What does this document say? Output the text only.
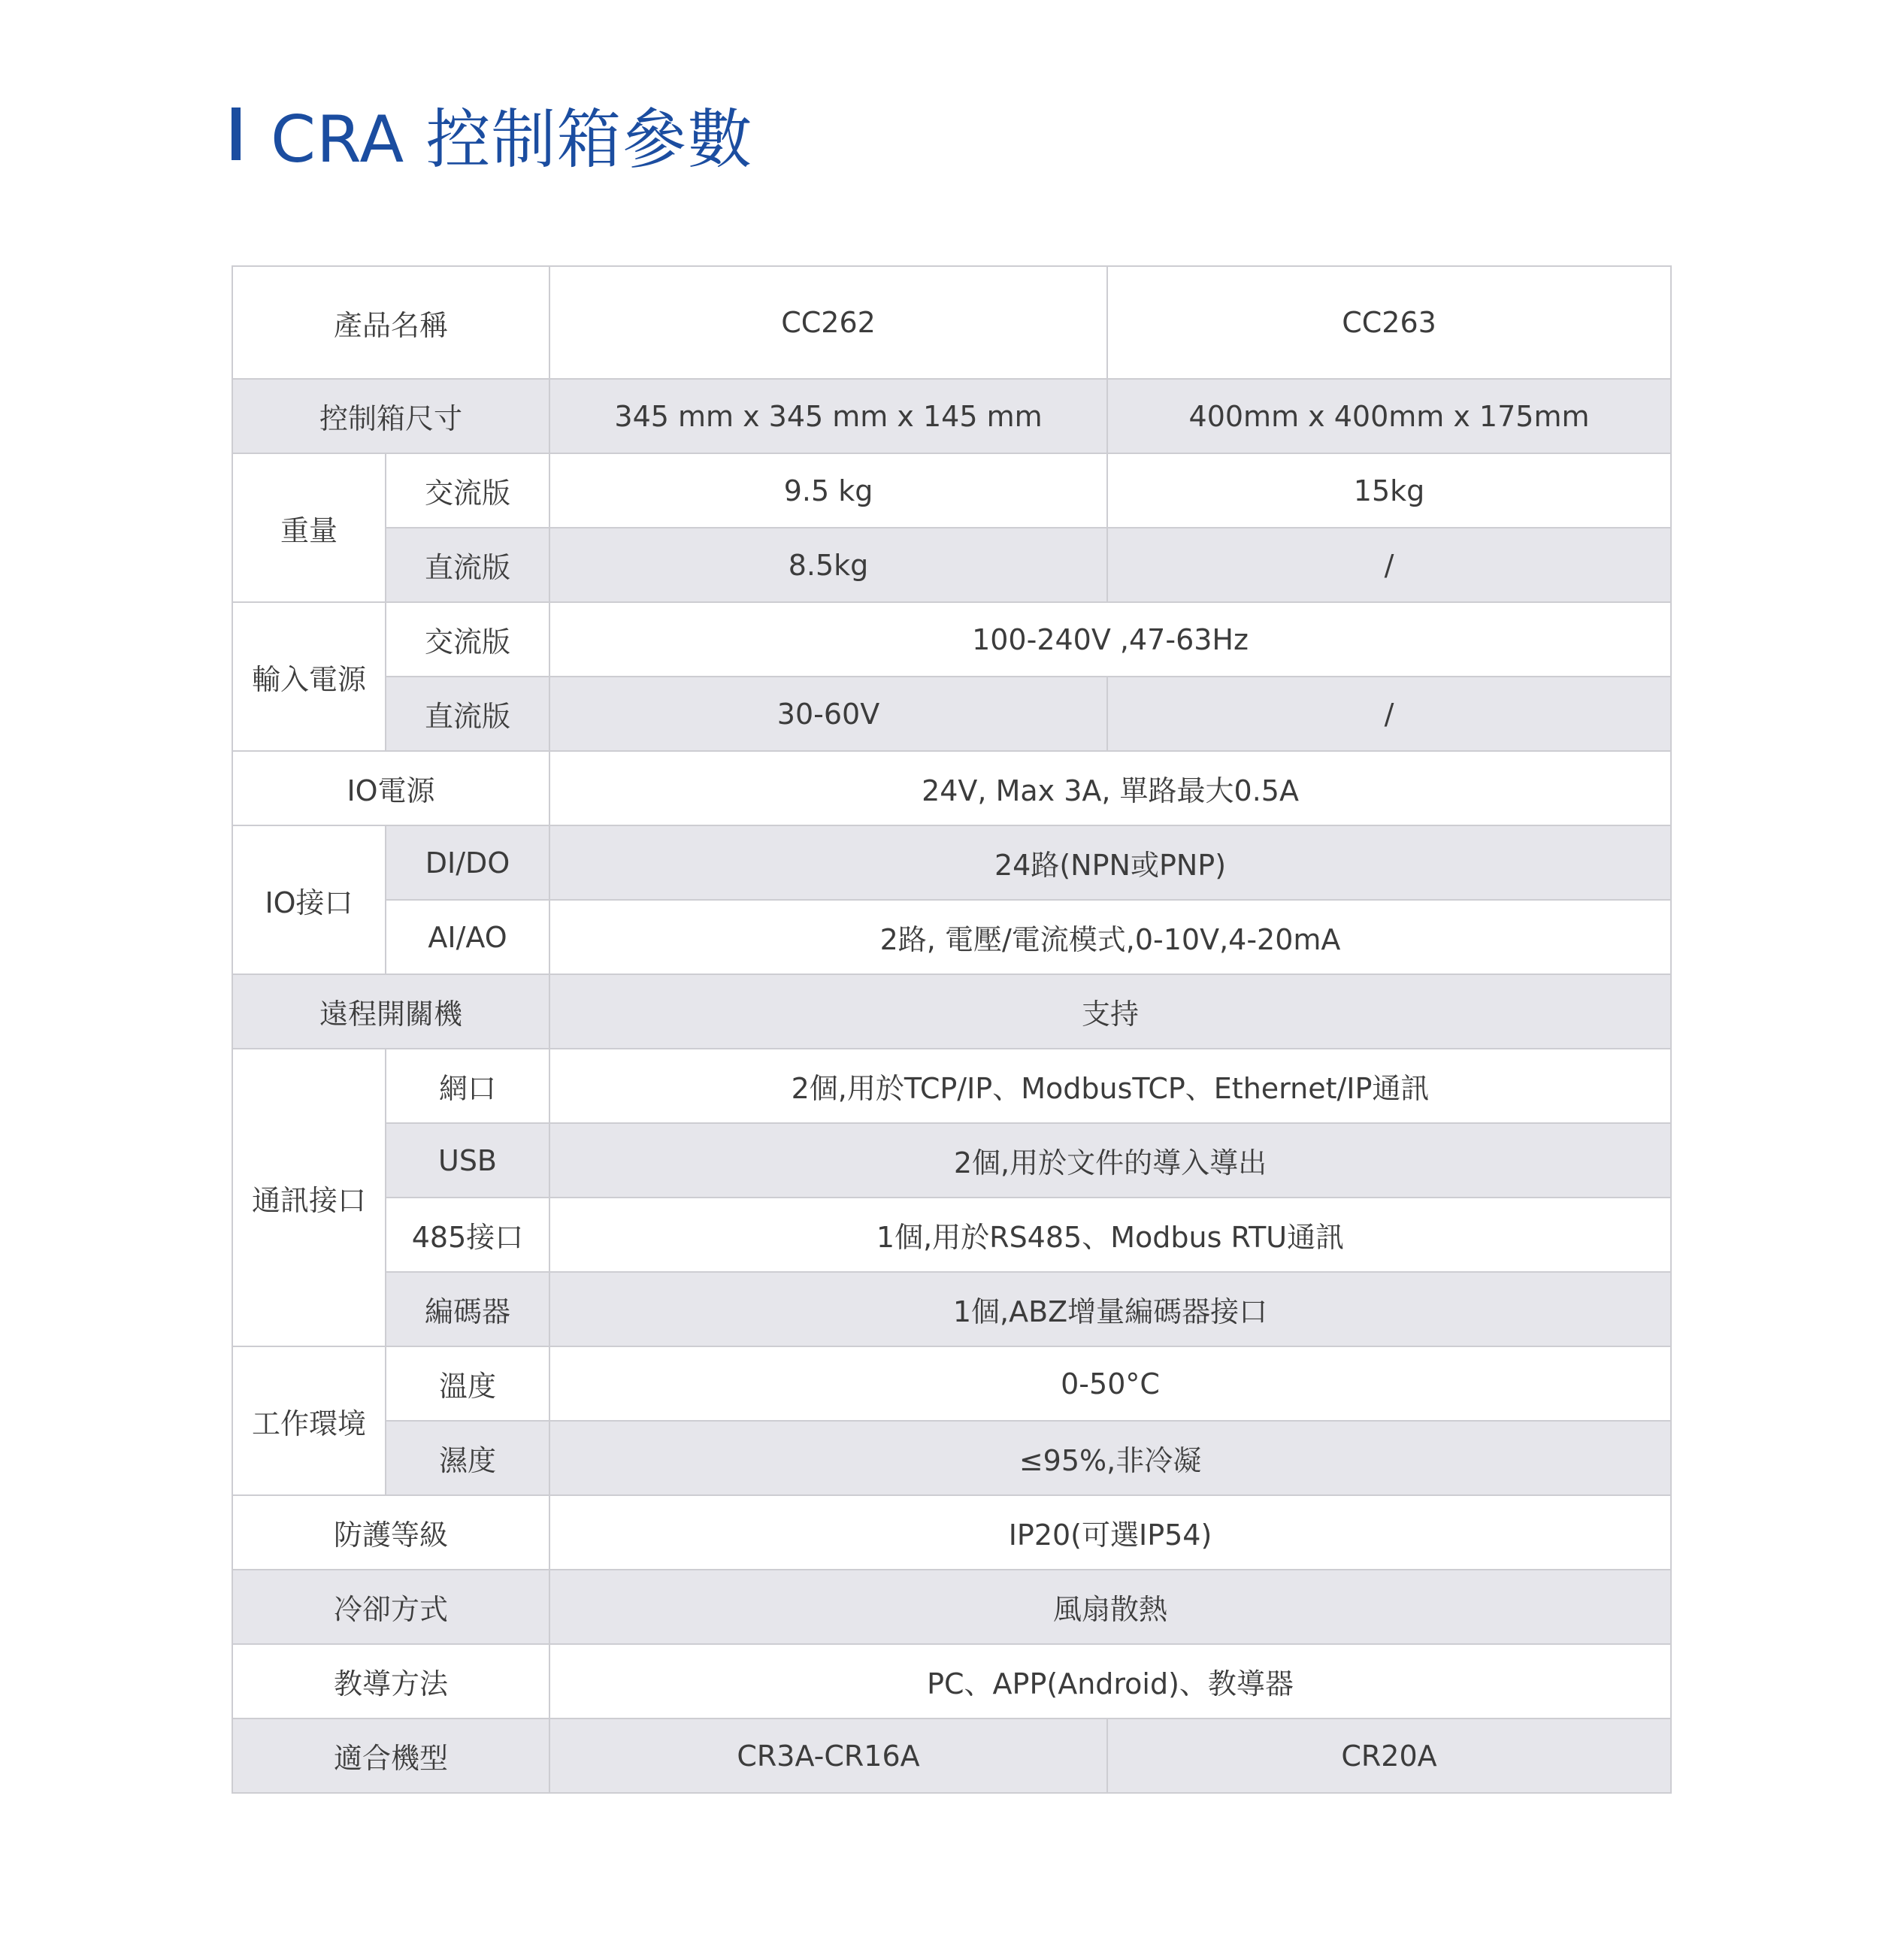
CRA 控制箱參數
產品名稱		CC262	CC263
控制箱尺寸		345 mm x 345 mm x 145 mm	400mm x 400mm x 175mm
重量	交流版	9.5 kg	15kg
	直流版	8.5kg	/
輸入電源	交流版	100-240V ,47-63Hz	
	直流版	30-60V	/
IO電源		24V, Max 3A, 單路最大0.5A	
IO接口	DI/DO	24路(NPN或PNP)	
	AI/AO	2路, 電壓/電流模式,0-10V,4-20mA	
遠程開關機		支持	
通訊接口	網口	2個,用於TCP/IP、ModbusTCP、Ethernet/IP通訊	
	USB	2個,用於文件的導入導出	
	485接口	1個,用於RS485、Modbus RTU通訊	
	編碼器	1個,ABZ增量編碼器接口	
工作環境	溫度	0-50°C	
	濕度	≤95%,非冷凝	
防護等級		IP20(可選IP54)	
冷卻方式		風扇散熱	
教導方法		PC、APP(Android)、教導器	
適合機型		CR3A-CR16A	CR20A
